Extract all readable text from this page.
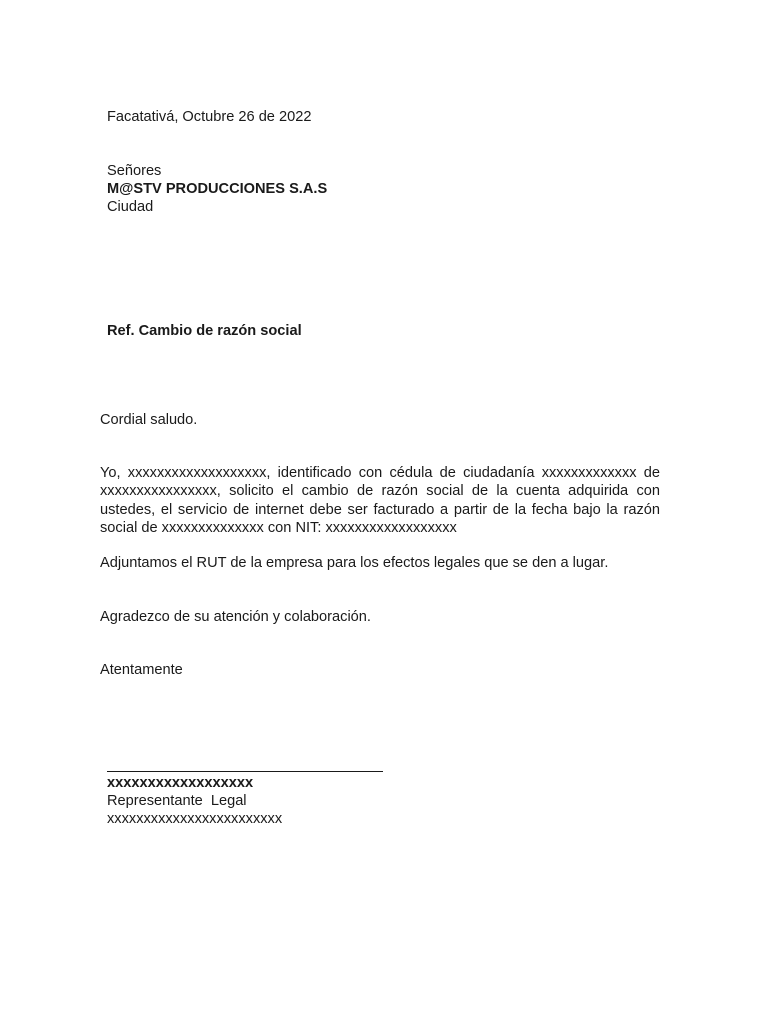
Facatativá, Octubre 26 de 2022
Señores
M@STV PRODUCCIONES S.A.S
Ciudad
Ref. Cambio de razón social
Cordial saludo.
Yo, xxxxxxxxxxxxxxxxxxx, identificado con cédula de ciudadanía xxxxxxxxxxxxx de xxxxxxxxxxxxxxxx, solicito el cambio de razón social de la cuenta adquirida con ustedes, el servicio de internet debe ser facturado a partir de la fecha bajo la razón social de xxxxxxxxxxxxxx con NIT: xxxxxxxxxxxxxxxxxx
Adjuntamos el RUT de la empresa para los efectos legales que se den a lugar.
Agradezco de su atención y colaboración.
Atentamente
xxxxxxxxxxxxxxxxxx
Representante  Legal
xxxxxxxxxxxxxxxxxxxxxxxx
